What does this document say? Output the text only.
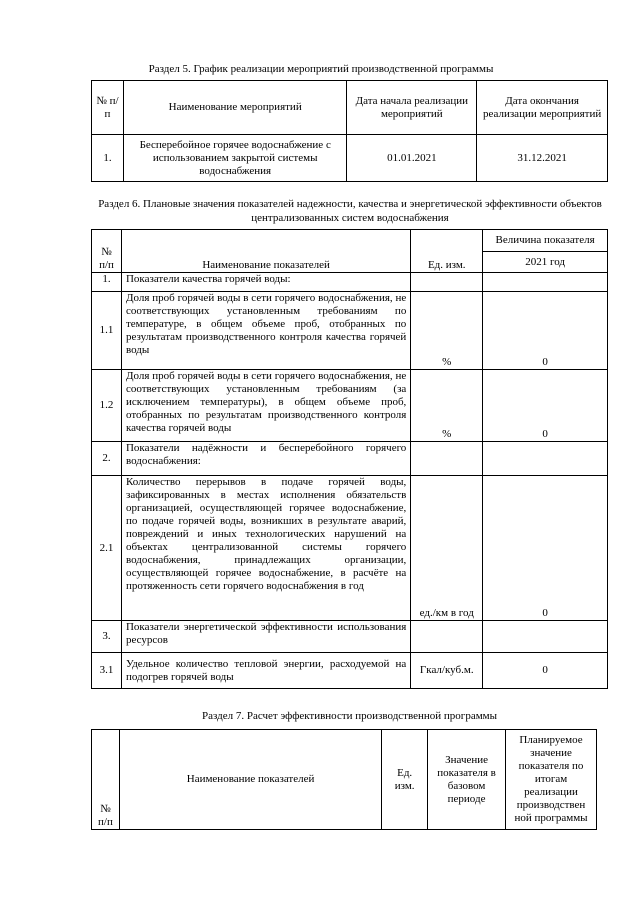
Раздел 5. График реализации мероприятий производственной программы
№ п/п	Наименование мероприятий	Дата начала реализации мероприятий	Дата окончания реализации мероприятий
1.	Бесперебойное горячее водоснабжение с использованием закрытой системы водоснабжения	01.01.2021	31.12.2021
Раздел 6. Плановые значения показателей надежности, качества и энергетической эффективности объектов централизованных систем водоснабжения
№ п/п	Наименование показателей	Ед. изм.	Величина показателя
			2021 год
1.	Показатели качества горячей воды:		
1.1	Доля проб горячей воды в сети горячего водоснабжения, не соответствующих установленным требованиям по температуре, в общем объеме проб, отобранных по результатам производственного контроля качества горячей воды	%	0
1.2	Доля проб горячей воды в сети горячего водоснабжения, не соответствующих установленным требованиям (за исключением температуры), в общем объеме проб, отобранных по результатам производственного контроля качества горячей воды	%	0
2.	Показатели надёжности и бесперебойного горячего водоснабжения:		
2.1	Количество перерывов в подаче горячей воды, зафиксированных в местах исполнения обязательств организацией, осуществляющей горячее водоснабжение, по подаче горячей воды, возникших в результате аварий, повреждений и иных технологических нарушений на объектах централизованной системы горячего водоснабжения, принадлежащих организации, осуществляющей горячее водоснабжение, в расчёте на протяженность сети горячего водоснабжения в год	ед./км в год	0
3.	Показатели энергетической эффективности использования ресурсов		
3.1	Удельное количество тепловой энергии, расходуемой на подогрев горячей воды	Гкал/куб.м.	0
Раздел 7. Расчет эффективности производственной программы
№ п/п	Наименование показателей	Ед. изм.	Значение показателя в базовом периоде	Планируемое значение показателя по итогам реализации производствен ной программы
